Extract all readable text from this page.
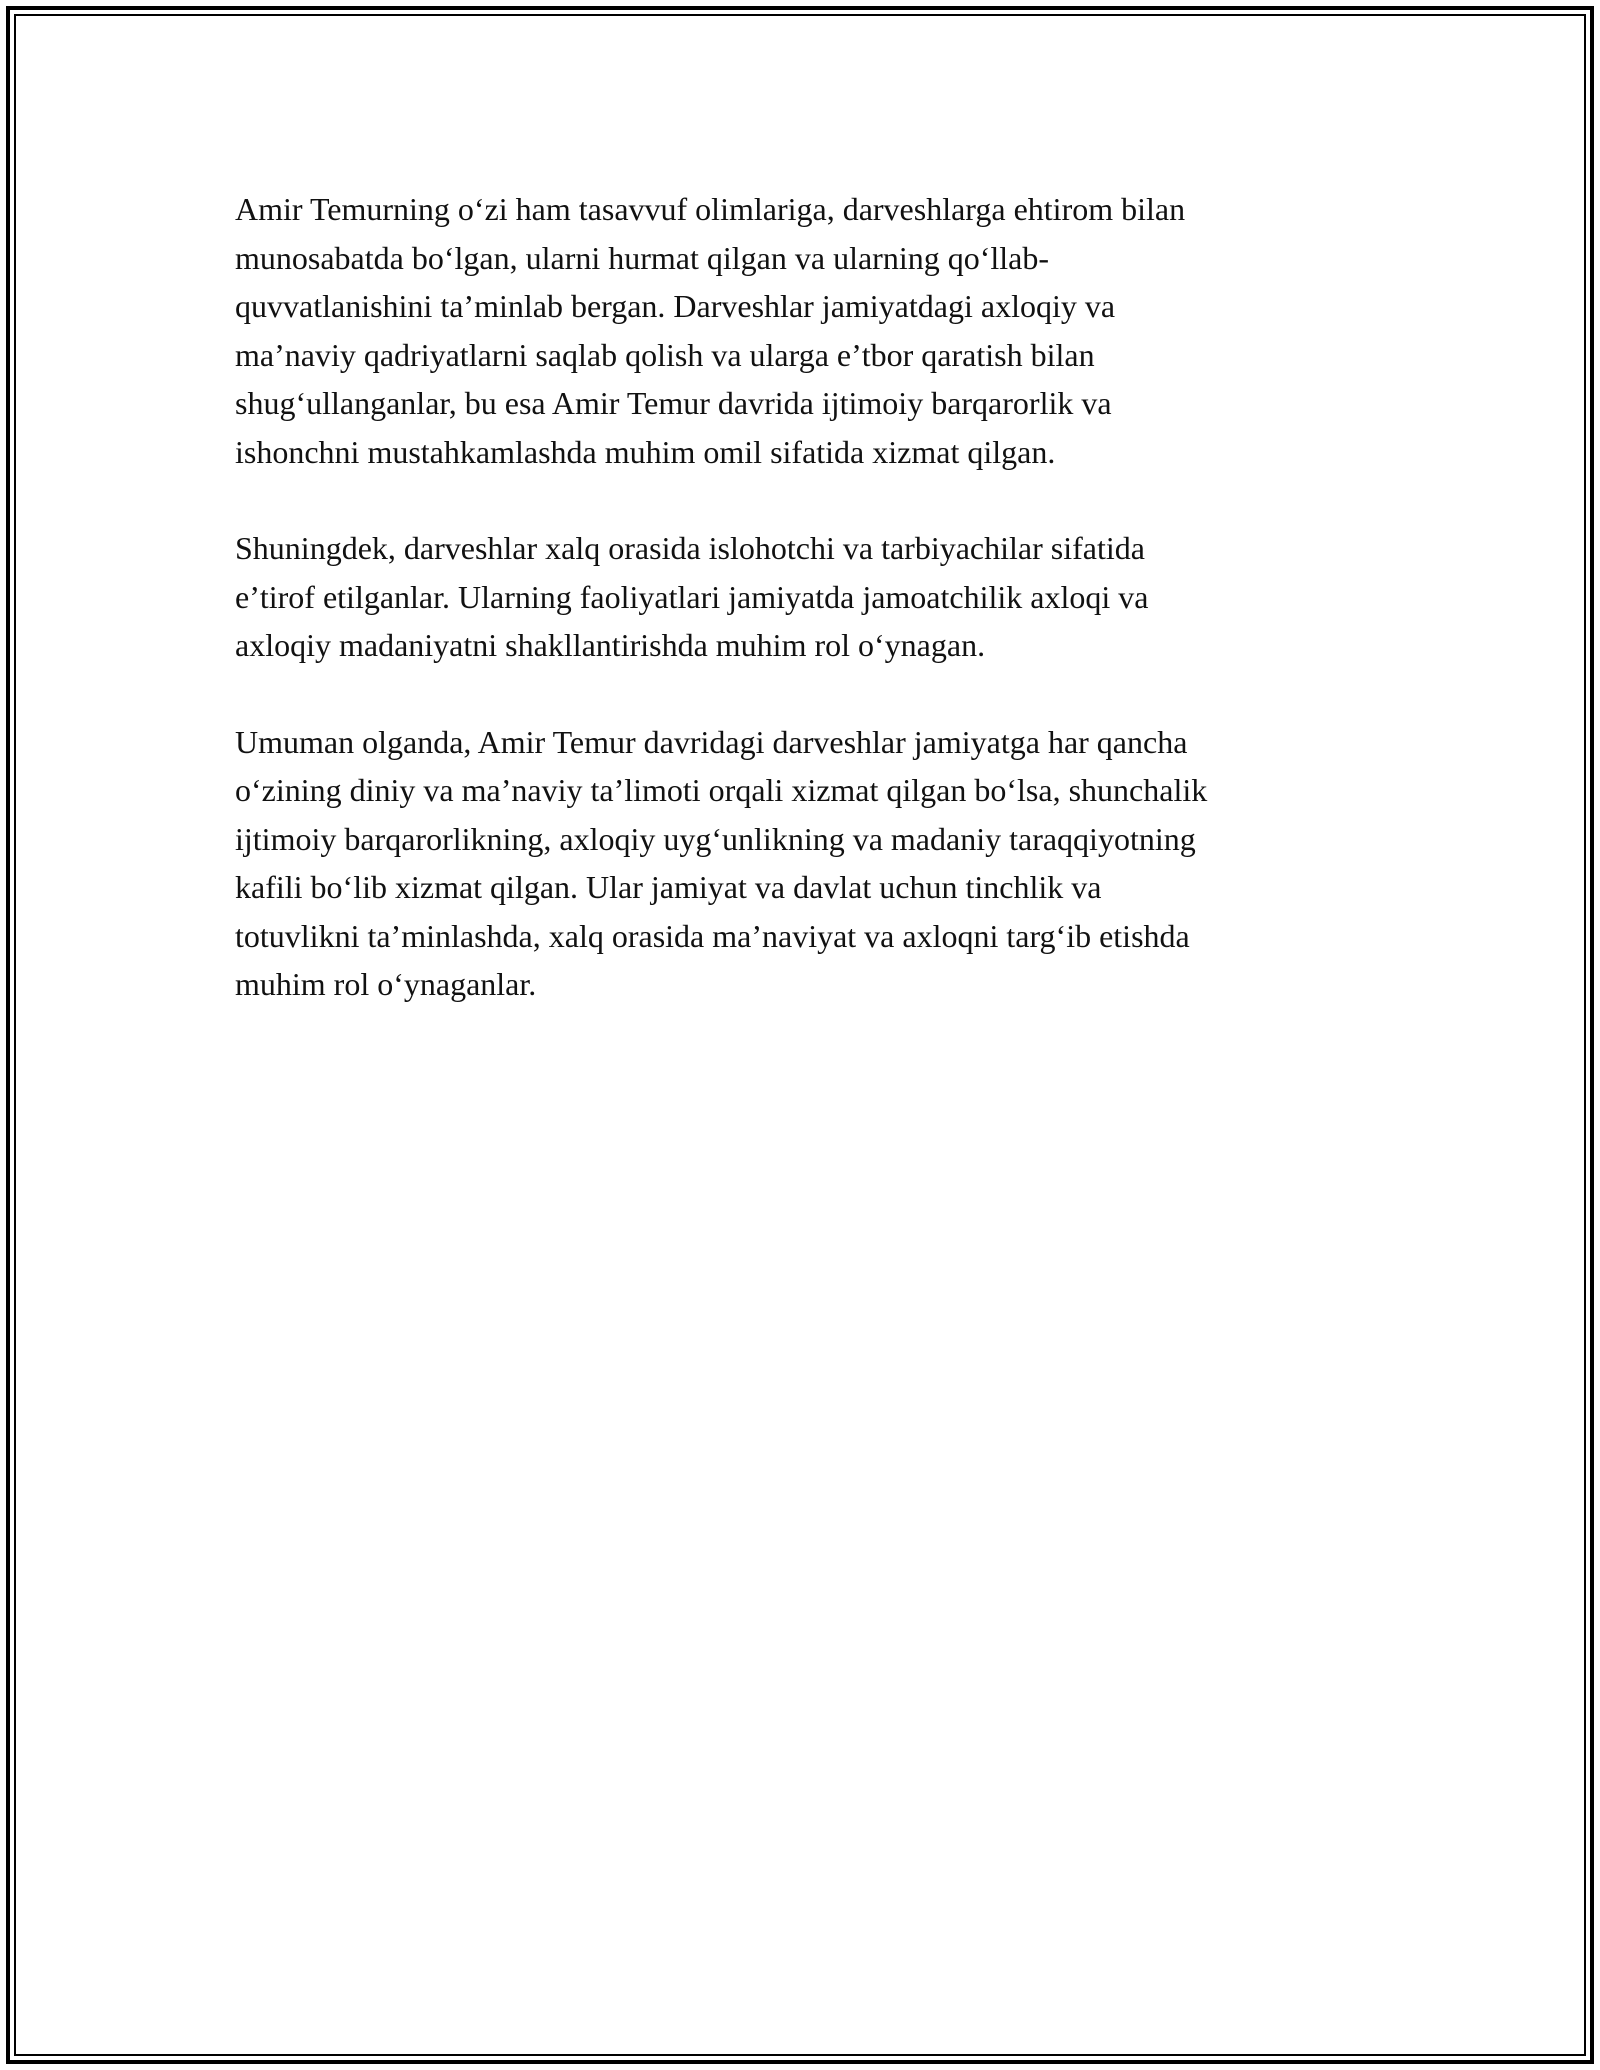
Amir Temurning oʻzi ham tasavvuf olimlariga, darveshlarga ehtirom bilan
munosabatda boʻlgan, ularni hurmat qilgan va ularning qoʻllab-
quvvatlanishini taʼminlab bergan. Darveshlar jamiyatdagi axloqiy va
maʼnaviy qadriyatlarni saqlab qolish va ularga eʼtbor qaratish bilan
shugʻullanganlar, bu esa Amir Temur davrida ijtimoiy barqarorlik va
ishonchni mustahkamlashda muhim omil sifatida xizmat qilgan.

Shuningdek, darveshlar xalq orasida islohotchi va tarbiyachilar sifatida
eʼtirof etilganlar. Ularning faoliyatlari jamiyatda jamoatchilik axloqi va
axloqiy madaniyatni shakllantirishda muhim rol oʻynagan.

Umuman olganda, Amir Temur davridagi darveshlar jamiyatga har qancha
oʻzining diniy va maʼnaviy taʼlimoti orqali xizmat qilgan boʻlsa, shunchalik
ijtimoiy barqarorlikning, axloqiy uygʻunlikning va madaniy taraqqiyotning
kafili boʻlib xizmat qilgan. Ular jamiyat va davlat uchun tinchlik va
totuvlikni taʼminlashda, xalq orasida maʼnaviyat va axloqni targʻib etishda
muhim rol oʻynaganlar.
